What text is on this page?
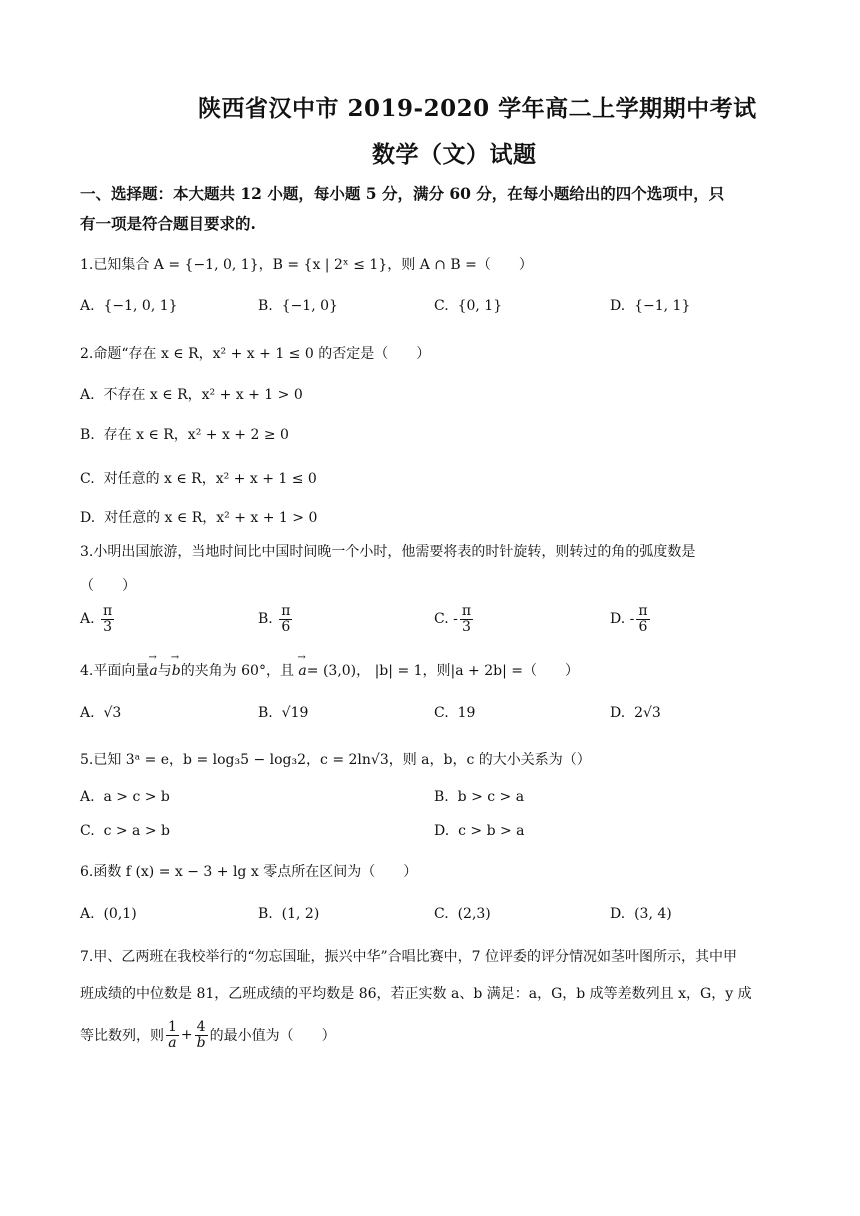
陕西省汉中市 2019-2020 学年高二上学期期中考试
数学（文）试题
一、选择题：本大题共 12 小题，每小题 5 分，满分 60 分，在每小题给出的四个选项中，只
有一项是符合题目要求的.
1.已知集合 A = {−1, 0, 1}，B = {x | 2ˣ ≤ 1}，则 A ∩ B =（　　）
A. {−1, 0, 1}	B. {−1, 0}	C. {0, 1}	D. {−1, 1}
2.命题“存在 x ∈ R，x² + x + 1 ≤ 0 的否定是（　　）
A. 不存在 x ∈ R，x² + x + 1 > 0
B. 存在 x ∈ R，x² + x + 2 ≥ 0
C. 对任意的 x ∈ R，x² + x + 1 ≤ 0
D. 对任意的 x ∈ R，x² + x + 1 > 0
3.小明出国旅游，当地时间比中国时间晚一个小时，他需要将表的时针旋转，则转过的角的弧度数是
（　　）
A. $\frac{\pi}{3}$	B. $\frac{\pi}{6}$	C. - $\frac{\pi}{3}$	D. - $\frac{\pi}{6}$
4.平面向量→ a与→ b的夹角为 60°，且 → a= (3,0)， |b| = 1，则|a + 2b| =（　　）
A. √3	B. √19	C. 19	D. 2√3
5.已知 3ᵃ = e，b = log₃5 − log₃2，c = 2ln√3，则 a，b，c 的大小关系为（）
A. a > c > b	B. b > c > a
C. c > a > b	D. c > b > a
6.函数 f (x) = x − 3 + lg x 零点所在区间为（　　）
A. (0,1)	B. (1, 2)	C. (2,3)	D. (3, 4)
7.甲、乙两班在我校举行的“勿忘国耻，振兴中华”合唱比赛中，7 位评委的评分情况如茎叶图所示，其中甲
班成绩的中位数是 81，乙班成绩的平均数是 86，若正实数 a、b 满足：a，G，b 成等差数列且 x，G，y 成
等比数列，则 $\frac{1}{a} + \frac{4}{b}$ 的最小值为（　　）
